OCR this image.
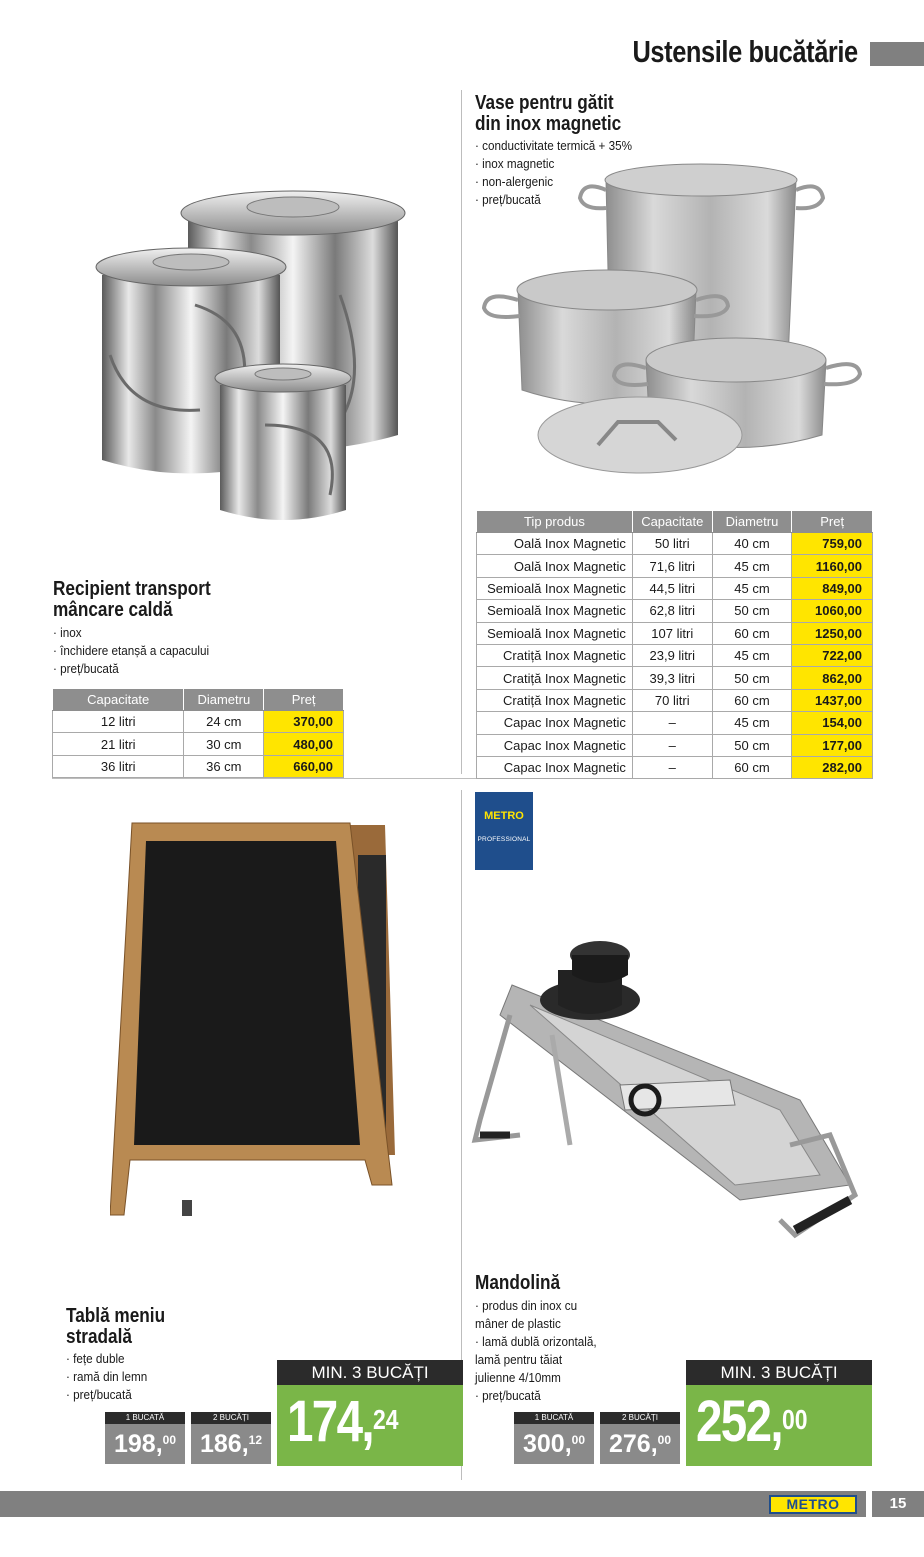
Ustensile bucătărie
Recipient transport
mâncare caldă
· inox
· închidere etanșă a capacului
· preț/bucată
Capacitate	Diametru	Preț
12 litri	24 cm	370,00
21 litri	30 cm	480,00
36 litri	36 cm	660,00
Vase pentru gătit
din inox magnetic
· conductivitate termică + 35%
· inox magnetic
· non-alergenic
· preț/bucată
Tip produs	Capacitate	Diametru	Preț
Oală Inox Magnetic	50 litri	40 cm	759,00
Oală Inox Magnetic	71,6 litri	45 cm	1160,00
Semioală Inox Magnetic	44,5 litri	45 cm	849,00
Semioală Inox Magnetic	62,8 litri	50 cm	1060,00
Semioală Inox Magnetic	107 litri	60 cm	1250,00
Cratiță Inox Magnetic	23,9 litri	45 cm	722,00
Cratiță Inox Magnetic	39,3 litri	50 cm	862,00
Cratiță Inox Magnetic	70 litri	60 cm	1437,00
Capac Inox Magnetic	–	45 cm	154,00
Capac Inox Magnetic	–	50 cm	177,00
Capac Inox Magnetic	–	60 cm	282,00
METRO
PROFESSIONAL
Tablă meniu
stradală
· fețe duble
· ramă din lemn
· preț/bucată
1 BUCATĂ
198,00
2 BUCĂȚI
186,12
MIN. 3 BUCĂȚI
174,24
Mandolină
· produs din inox cu
mâner de plastic
· lamă dublă orizontală,
lamă pentru tăiat
julienne 4/10mm
· preț/bucată
1 BUCATĂ
300,00
2 BUCĂȚI
276,00
MIN. 3 BUCĂȚI
252,00
METRO	15
